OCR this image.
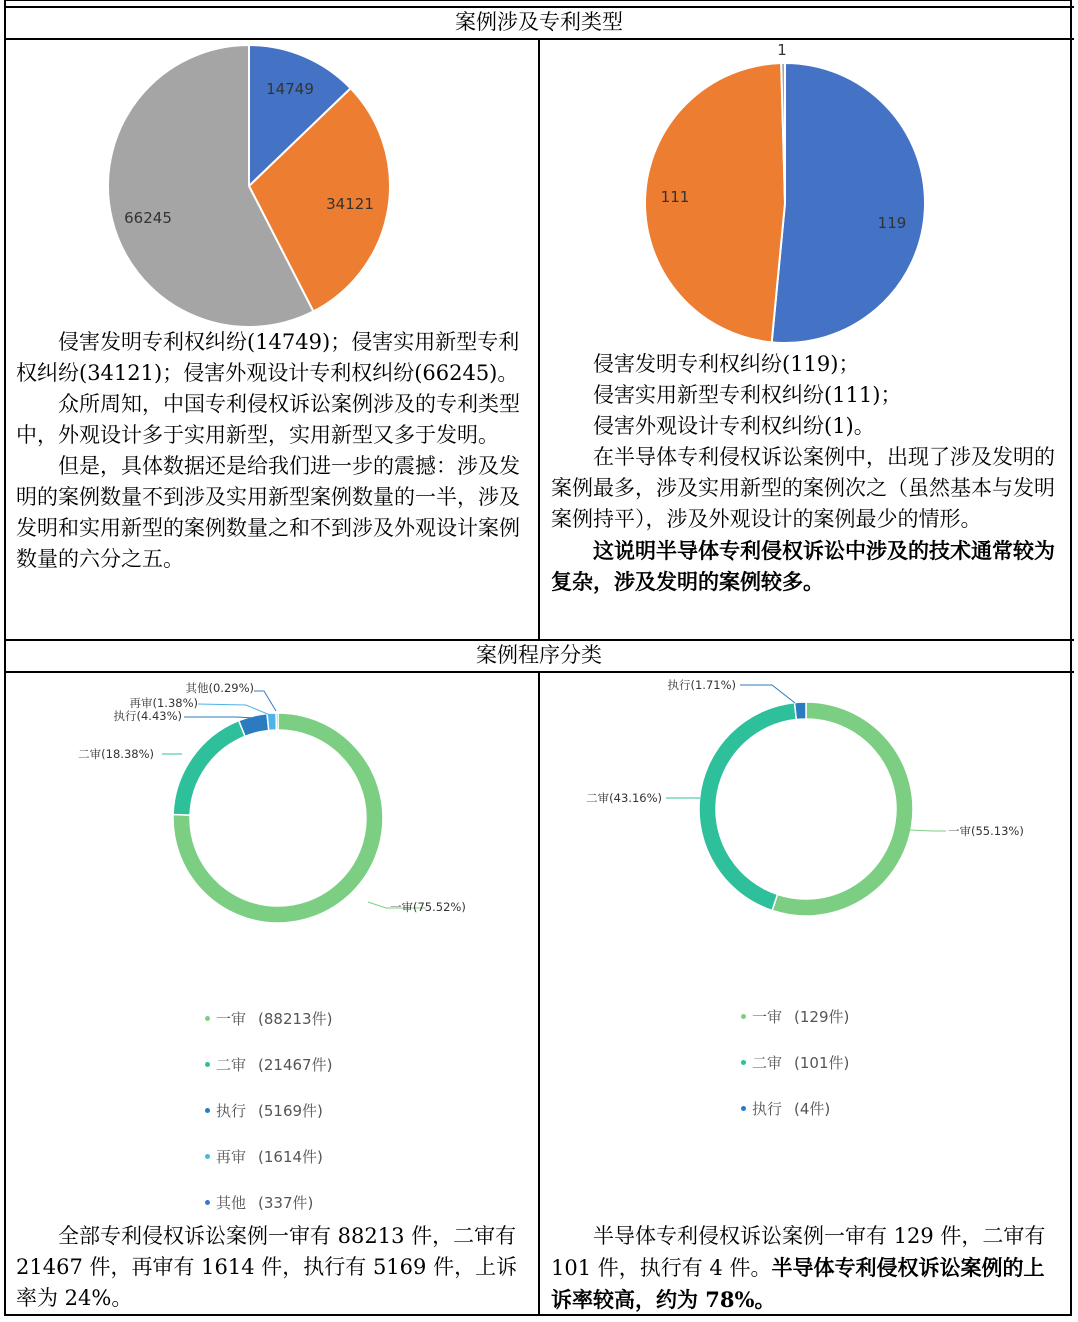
案例涉及专利类型
案例程序分类
14749
34121
66245	119
111
1

侵害发明专利权纠纷(14749)；侵害实用新型专利权纠纷(34121)；侵害外观设计专利权纠纷(66245)。

众所周知，中国专利侵权诉讼案例涉及的专利类型中，外观设计多于实用新型，实用新型又多于发明。

但是，具体数据还是给我们进一步的震撼：涉及发明的案例数量不到涉及实用新型案例数量的一半，涉及发明和实用新型的案例数量之和不到涉及外观设计案例数量的六分之五。

侵害发明专利权纠纷(119)；

侵害实用新型专利权纠纷(111)；

侵害外观设计专利权纠纷(1)。

在半导体专利侵权诉讼案例中，出现了涉及发明的案例最多，涉及实用新型的案例次之（虽然基本与发明案例持平），涉及外观设计的案例最少的情形。

这说明半导体专利侵权诉讼中涉及的技术通常较为复杂，涉及发明的案例较多。

一审(75.52%)
二审(18.38%)
执行(4.43%)
再审(1.38%)
其他(0.29%)
一审(55.13%)
二审(43.16%)
执行(1.71%)
一审 (88213件)
二审 (21467件)
执行 (5169件)
再审 (1614件)
其他 (337件)
一审 (129件)
二审 (101件)
执行 (4件)

全部专利侵权诉讼案例一审有 88213 件，二审有 21467 件，再审有 1614 件，执行有 5169 件，上诉率为 24%。

半导体专利侵权诉讼案例一审有 129 件，二审有 101 件，执行有 4 件。半导体专利侵权诉讼案例的上诉率较高，约为 78%。
